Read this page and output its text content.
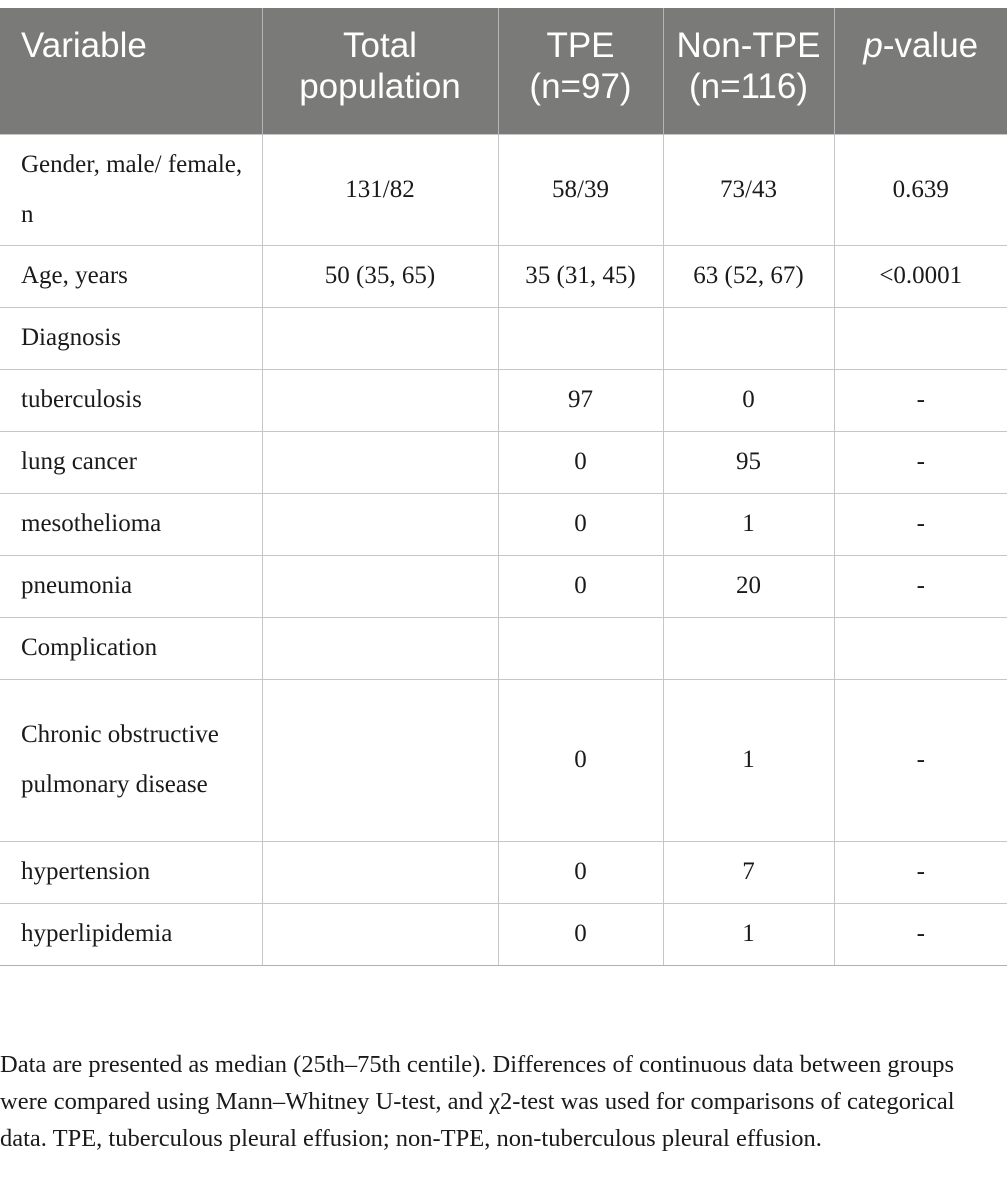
Variable	Total population	TPE (n=97)	Non-TPE (n=116)	p-value
Gender, male/ female, n	131/82	58/39	73/43	0.639
Age, years	50 (35, 65)	35 (31, 45)	63 (52, 67)	<0.0001
Diagnosis				
tuberculosis		97	0	-
lung cancer		0	95	-
mesothelioma		0	1	-
pneumonia		0	20	-
Complication				
Chronic obstructive pulmonary disease		0	1	-
hypertension		0	7	-
hyperlipidemia		0	1	-

Data are presented as median (25th–75th centile). Differences of continuous data between groups were compared using Mann–Whitney U-test, and χ2-test was used for comparisons of categorical data. TPE, tuberculous pleural effusion; non-TPE, non-tuberculous pleural effusion.
